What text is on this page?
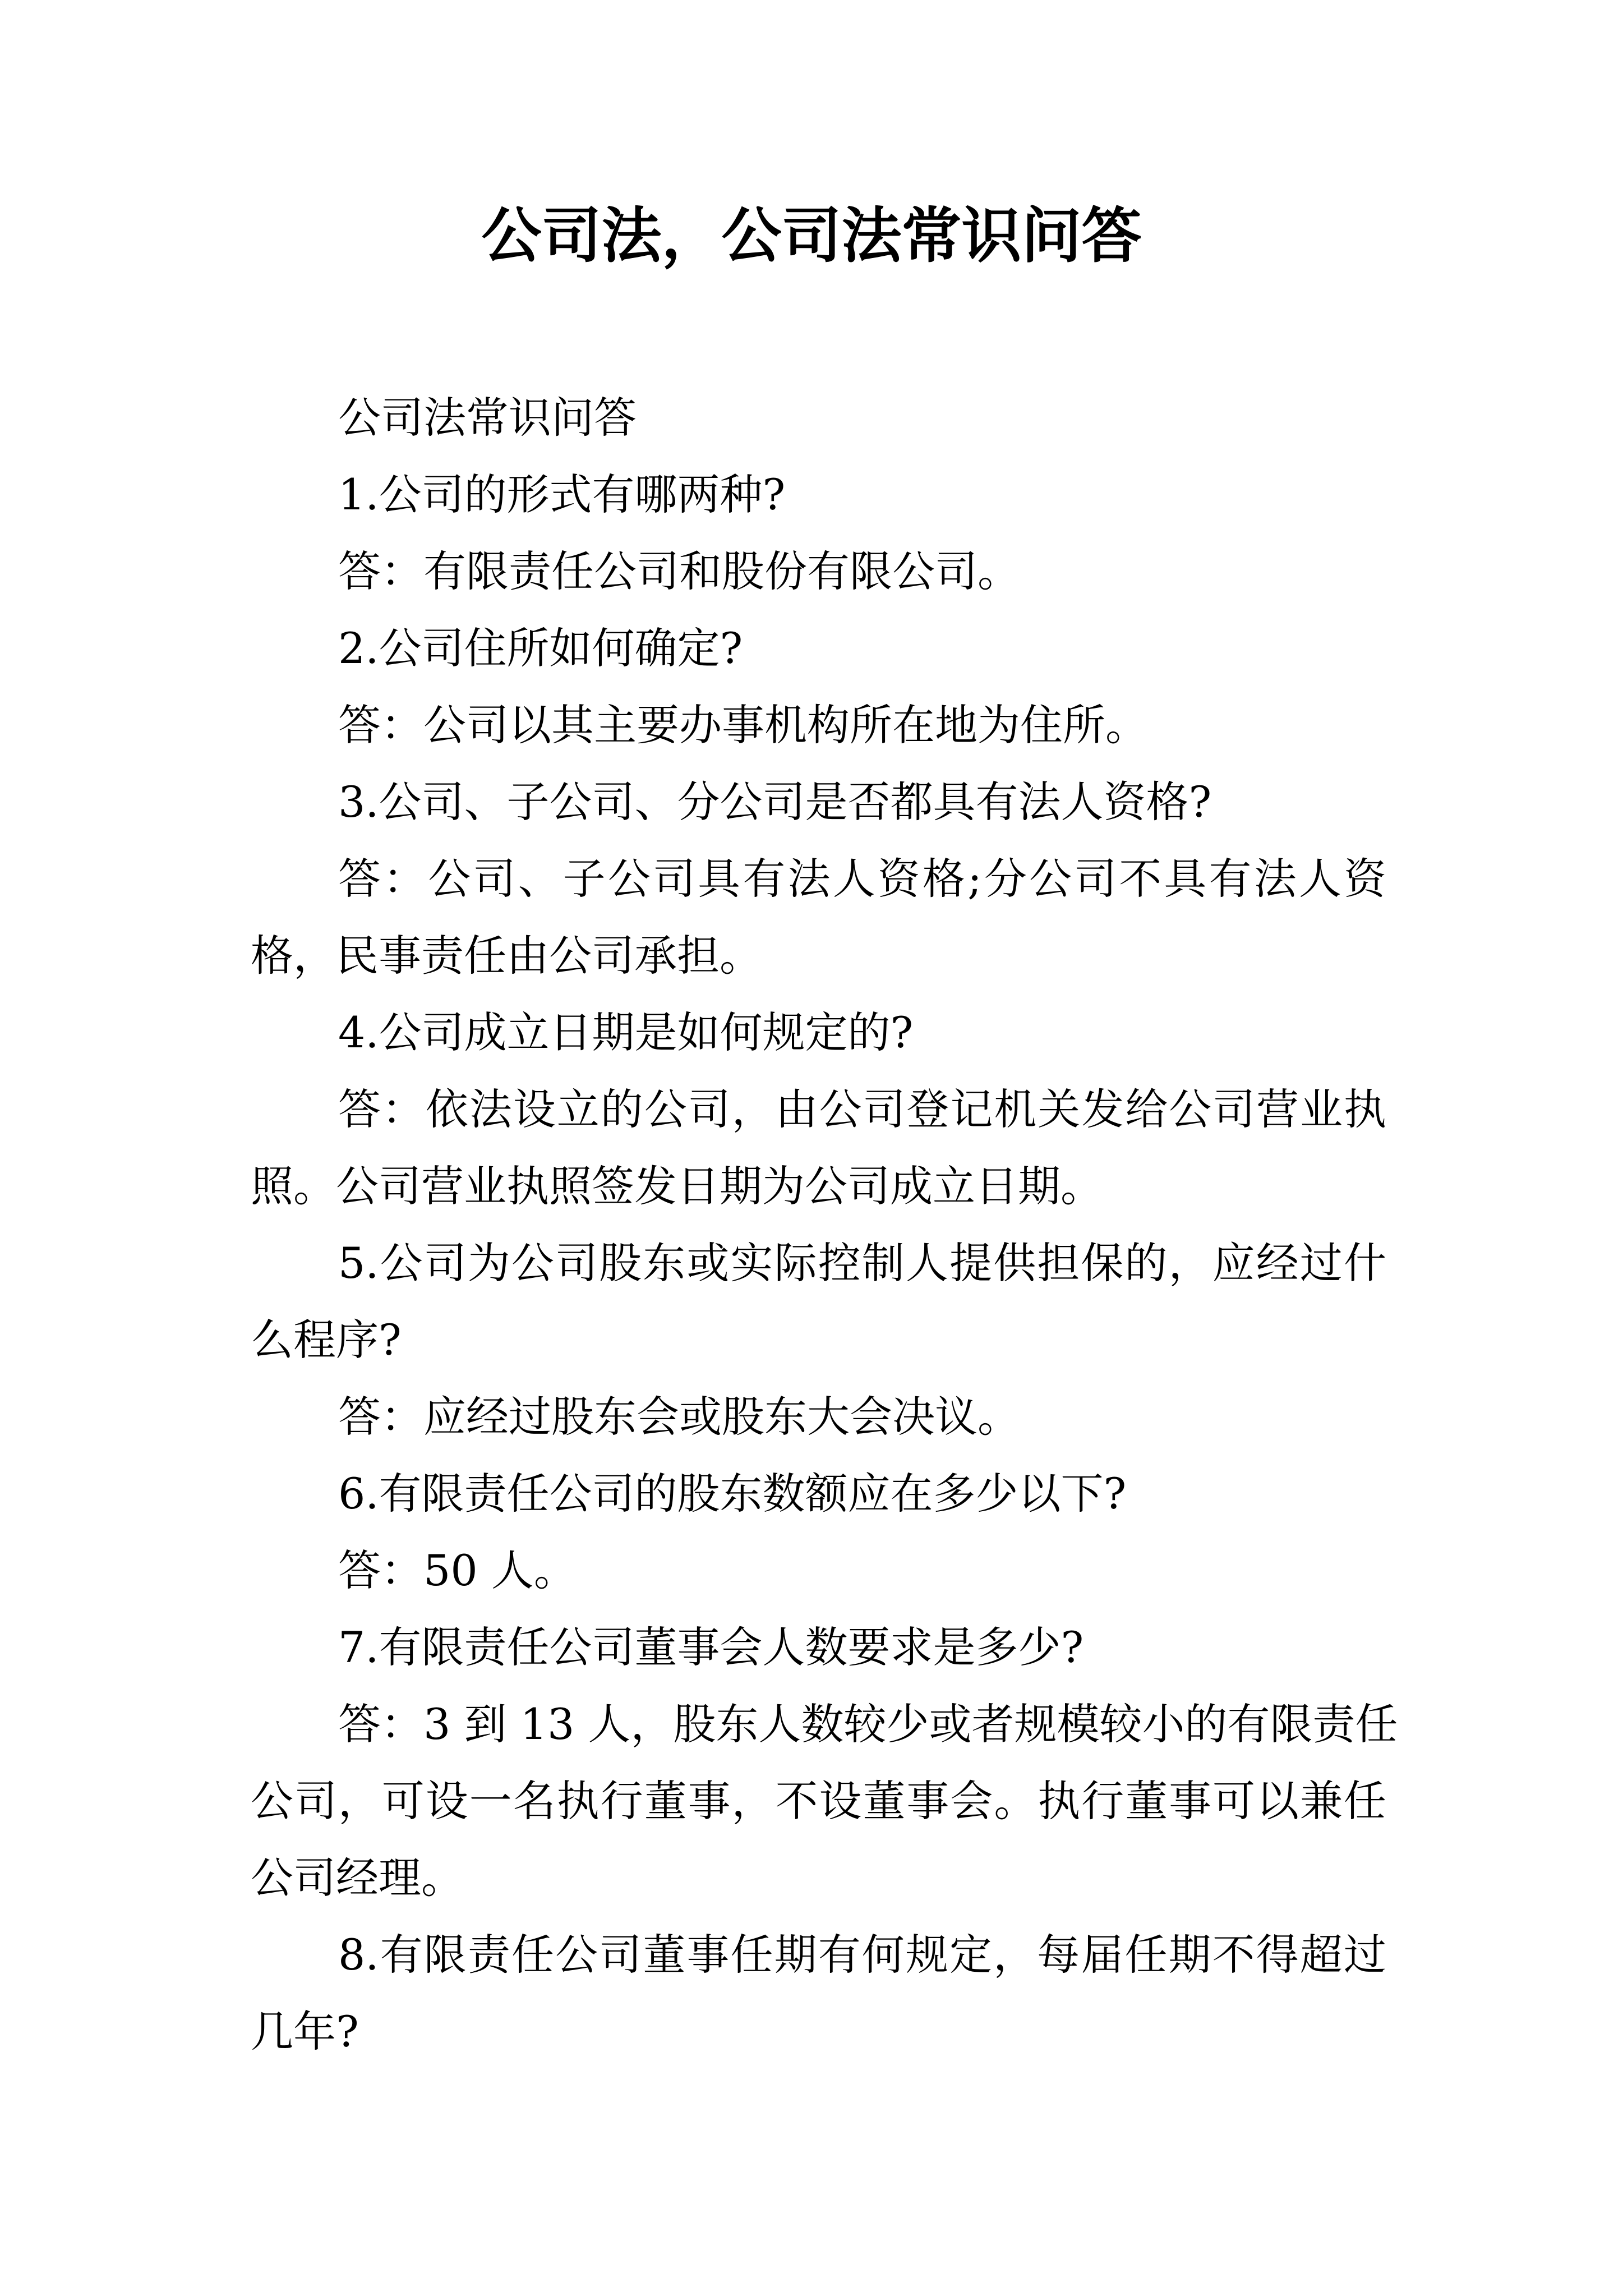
公司法，公司法常识问答

公司法常识问答

1.公司的形式有哪两种?

答：有限责任公司和股份有限公司。

2.公司住所如何确定?

答：公司以其主要办事机构所在地为住所。

3.公司、子公司、分公司是否都具有法人资格?

答：公司、子公司具有法人资格;分公司不具有法人资
格，民事责任由公司承担。

4.公司成立日期是如何规定的?

答：依法设立的公司，由公司登记机关发给公司营业执
照。公司营业执照签发日期为公司成立日期。

5.公司为公司股东或实际控制人提供担保的，应经过什
么程序?

答：应经过股东会或股东大会决议。

6.有限责任公司的股东数额应在多少以下?

答：50 人。

7.有限责任公司董事会人数要求是多少?

答：3 到 13 人，股东人数较少或者规模较小的有限责任
公司，可设一名执行董事，不设董事会。执行董事可以兼任
公司经理。

8.有限责任公司董事任期有何规定，每届任期不得超过
几年?
